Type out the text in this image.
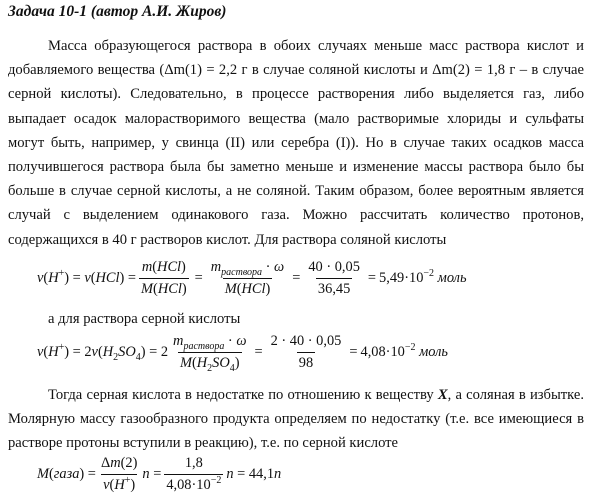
Задача 10-1 (автор А.И. Жиров)
Масса образующегося раствора в обоих случаях меньше масс раствора кислот и добавляемого вещества (Δm(1) = 2,2 г в случае соляной кислоты и Δm(2) = 1,8 г – в случае серной кислоты). Следовательно, в процессе растворения либо выделяется газ, либо выпадает осадок малорастворимого вещества (мало растворимые хлориды и сульфаты могут быть, например, у свинца (II) или серебра (I)). Но в случае таких осадков масса получившегося раствора была бы заметно меньше и изменение массы раствора было бы больше в случае серной кислоты, а не соляной. Таким образом, более вероятным является случай с выделением одинакового газа. Можно рассчитать количество протонов, содержащихся в 40 г растворов кислот. Для раствора соляной кислоты
$\nu(H^+) = \nu(HCl) = \frac{\text{m(HCl)}}{\text{M(HCl)}} = \frac{m_{раствора} \cdot \omega}{\text{M(HCl)}} = \frac{40 \cdot 0,05}{36,45} = 5,49\cdot 10^{-2}$ моль
а для раствора серной кислоты
$\nu(H^+) = 2\nu(H_2SO_4) = 2 \frac{m_{раствора} \cdot \omega}{M(H_2SO_4)} = \frac{2 \cdot 40 \cdot 0,05}{98} = 4,08\cdot 10^{-2}$ моль
Тогда серная кислота в недостатке по отношению к веществу X, а соляная в избытке. Молярную массу газообразного продукта определяем по недостатку (т.е. все имеющиеся в растворе протоны вступили в реакцию), т.е. по серной кислоте
M(газа) = $\frac{\Delta m(2)}{\nu(H^+)}$ $n = \frac{1,8}{4,08\cdot 10^{-2}}$ n = 44,1n
